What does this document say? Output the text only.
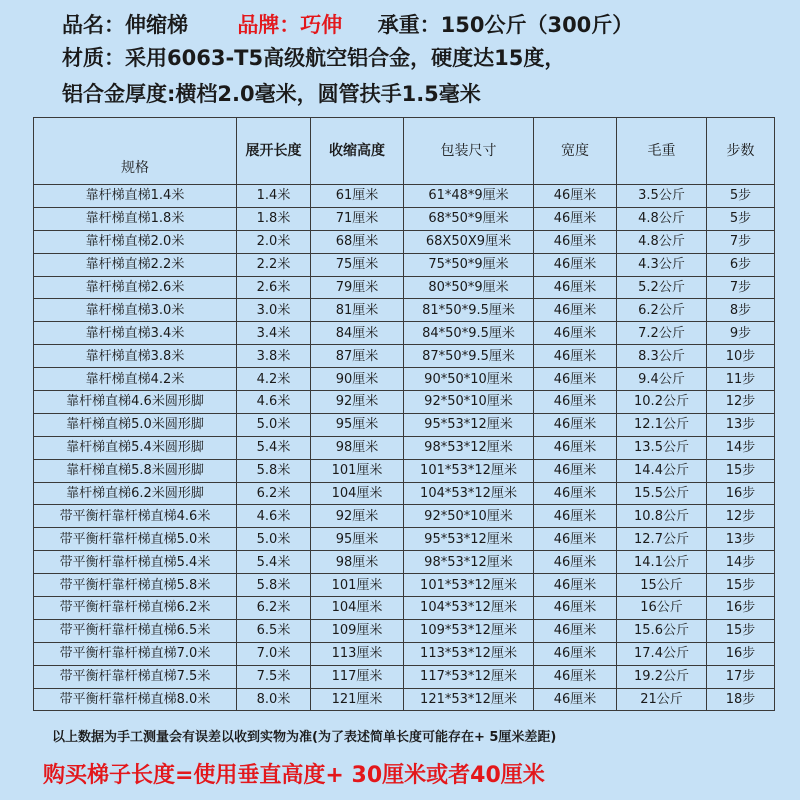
品名：伸缩梯 品牌：巧伸 承重：150公斤（300斤）
材质：采用6063-T5高级航空铝合金，硬度达15度，
铝合金厚度:横档2.0毫米，圆管扶手1.5毫米
规格	展开长度	收缩高度	包装尺寸	宽度	毛重	步数
靠杆梯直梯1.4米	1.4米	61厘米	61*48*9厘米	46厘米	3.5公斤	5步
靠杆梯直梯1.8米	1.8米	71厘米	68*50*9厘米	46厘米	4.8公斤	5步
靠杆梯直梯2.0米	2.0米	68厘米	68X50X9厘米	46厘米	4.8公斤	7步
靠杆梯直梯2.2米	2.2米	75厘米	75*50*9厘米	46厘米	4.3公斤	6步
靠杆梯直梯2.6米	2.6米	79厘米	80*50*9厘米	46厘米	5.2公斤	7步
靠杆梯直梯3.0米	3.0米	81厘米	81*50*9.5厘米	46厘米	6.2公斤	8步
靠杆梯直梯3.4米	3.4米	84厘米	84*50*9.5厘米	46厘米	7.2公斤	9步
靠杆梯直梯3.8米	3.8米	87厘米	87*50*9.5厘米	46厘米	8.3公斤	10步
靠杆梯直梯4.2米	4.2米	90厘米	90*50*10厘米	46厘米	9.4公斤	11步
靠杆梯直梯4.6米圆形脚	4.6米	92厘米	92*50*10厘米	46厘米	10.2公斤	12步
靠杆梯直梯5.0米圆形脚	5.0米	95厘米	95*53*12厘米	46厘米	12.1公斤	13步
靠杆梯直梯5.4米圆形脚	5.4米	98厘米	98*53*12厘米	46厘米	13.5公斤	14步
靠杆梯直梯5.8米圆形脚	5.8米	101厘米	101*53*12厘米	46厘米	14.4公斤	15步
靠杆梯直梯6.2米圆形脚	6.2米	104厘米	104*53*12厘米	46厘米	15.5公斤	16步
带平衡杆靠杆梯直梯4.6米	4.6米	92厘米	92*50*10厘米	46厘米	10.8公斤	12步
带平衡杆靠杆梯直梯5.0米	5.0米	95厘米	95*53*12厘米	46厘米	12.7公斤	13步
带平衡杆靠杆梯直梯5.4米	5.4米	98厘米	98*53*12厘米	46厘米	14.1公斤	14步
带平衡杆靠杆梯直梯5.8米	5.8米	101厘米	101*53*12厘米	46厘米	15公斤	15步
带平衡杆靠杆梯直梯6.2米	6.2米	104厘米	104*53*12厘米	46厘米	16公斤	16步
带平衡杆靠杆梯直梯6.5米	6.5米	109厘米	109*53*12厘米	46厘米	15.6公斤	15步
带平衡杆靠杆梯直梯7.0米	7.0米	113厘米	113*53*12厘米	46厘米	17.4公斤	16步
带平衡杆靠杆梯直梯7.5米	7.5米	117厘米	117*53*12厘米	46厘米	19.2公斤	17步
带平衡杆靠杆梯直梯8.0米	8.0米	121厘米	121*53*12厘米	46厘米	21公斤	18步
以上数据为手工测量会有误差以收到实物为准(为了表述简单长度可能存在+ 5厘米差距)
购买梯子长度=使用垂直高度+ 30厘米或者40厘米
